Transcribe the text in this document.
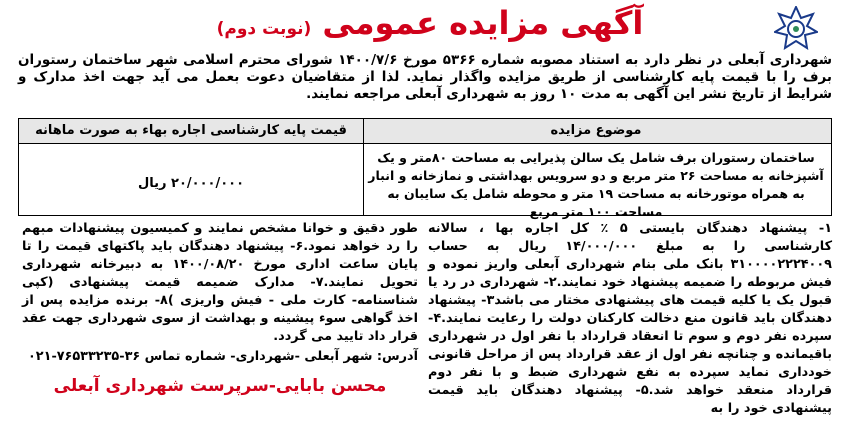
آگهی مزایده عمومی (نوبت دوم)
شهرداری آبعلی در نظر دارد به استناد مصوبه شماره ۵۳۶۶ مورخ ۱۴۰۰/۷/۶ شورای محترم اسلامی شهر ساختمان رستوران برف را با قیمت پایه کارشناسی از طریق مزایده واگذار نماید. لذا از متقاضیان دعوت بعمل می آید جهت اخذ مدارک و شرایط از تاریخ نشر این آگهی به مدت ۱۰ روز به شهرداری آبعلی مراجعه نمایند.
موضوع مزایده
قیمت پایه کارشناسی اجاره بهاء به صورت ماهانه
ساختمان رستوران برف شامل یک سالن پذیرایی به مساحت ۸۰متر و یک آشپزخانه به مساحت ۲۶ متر مربع و دو سرویس بهداشتی و نمازخانه و انبار به همراه موتورخانه به مساحت ۱۹ متر و محوطه شامل یک سایبان به مساحت ۱۰۰ متر مربع
۲۰/۰۰۰/۰۰۰ ریال
۱- پیشنهاد دهندگان بایستی ۵ ٪ کل اجاره بها ، سالانه کارشناسی را به مبلغ ۱۴/۰۰۰/۰۰۰ ریال به حساب ۳۱۰۰۰۰۲۲۲۴۰۰۹ بانک ملی بنام شهرداری آبعلی واریز نموده و فیش مربوطه را ضمیمه پیشنهاد خود نمایند.۲- شهرداری در رد یا قبول یک یا کلیه قیمت های پیشنهادی مختار می باشد۳- پیشنهاد دهندگان باید قانون منع دخالت کارکنان دولت را رعایت نمایند.۴- سپرده نفر دوم و سوم تا انعقاد قرارداد با نفر اول در شهرداری باقیمانده و چنانچه نفر اول از عقد قرارداد پس از مراحل قانونی خودداری نماید سپرده به نفع شهرداری ضبط و با نفر دوم قرارداد منعقد خواهد شد.۵- پیشنهاد دهندگان باید قیمت پیشنهادی خود را به
طور دقیق و خوانا مشخص نمایند و کمیسیون پیشنهادات مبهم را رد خواهد نمود.۶- پیشنهاد دهندگان باید پاکتهای قیمت را تا پایان ساعت اداری مورخ ۱۴۰۰/۰۸/۲۰ به دبیرخانه شهرداری تحویل نمایند.۷- مدارک ضمیمه قیمت پیشنهادی (کپی شناسنامه- کارت ملی - فیش واریزی )۸- برنده مزایده پس از اخذ گواهی سوء پیشینه و بهداشت از سوی شهرداری جهت عقد قرار داد تایید می گردد.
آدرس: شهر آبعلی -شهرداری- شماره تماس ۳۶-۷۶۵۳۳۲۳۵-۰۲۱
محسن بابایی-سرپرست شهرداری آبعلی
